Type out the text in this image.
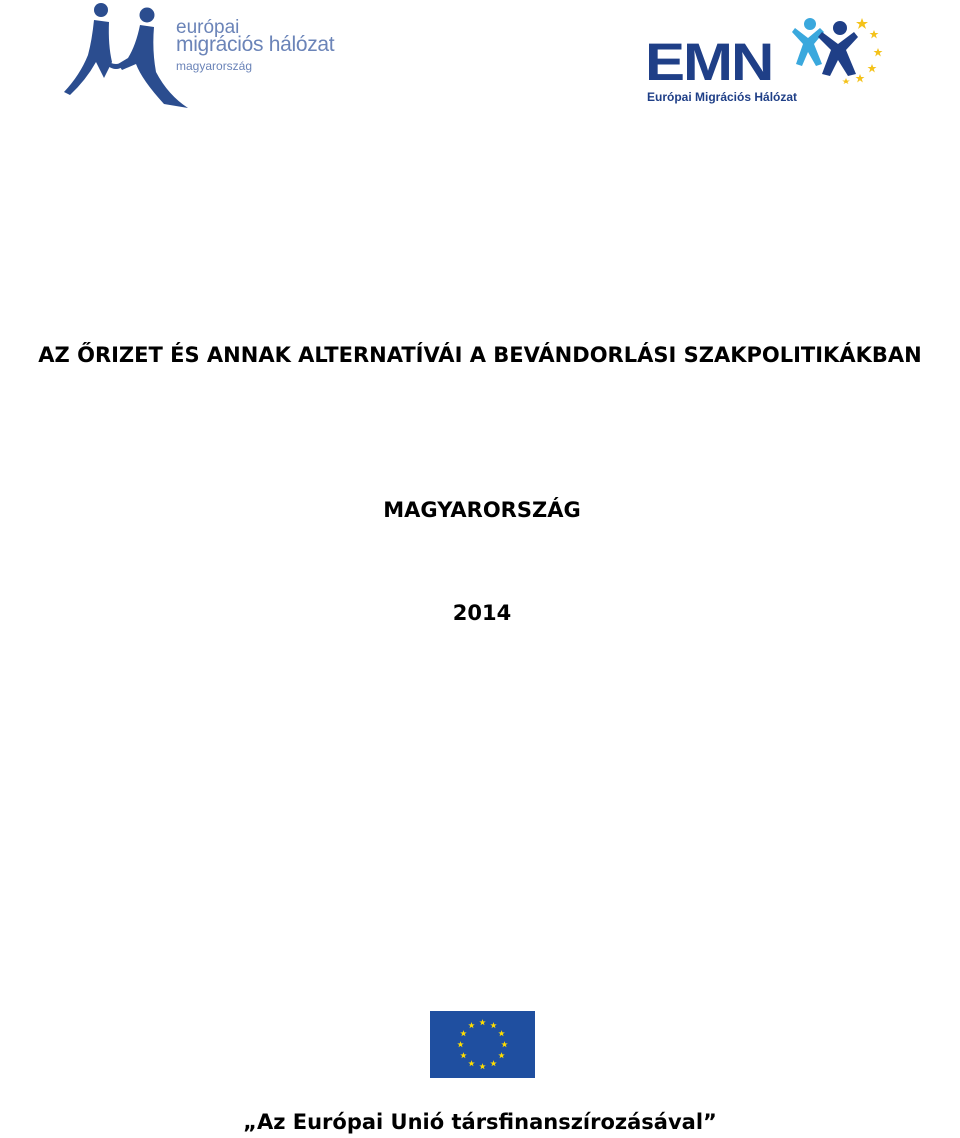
európai
migrációs hálózat
magyarország	EMN
Európai Migrációs Hálózat
AZ ŐRIZET ÉS ANNAK ALTERNATÍVÁI A BEVÁNDORLÁSI SZAKPOLITIKÁKBAN
MAGYARORSZÁG
2014
„Az Európai Unió társfinanszírozásával”
